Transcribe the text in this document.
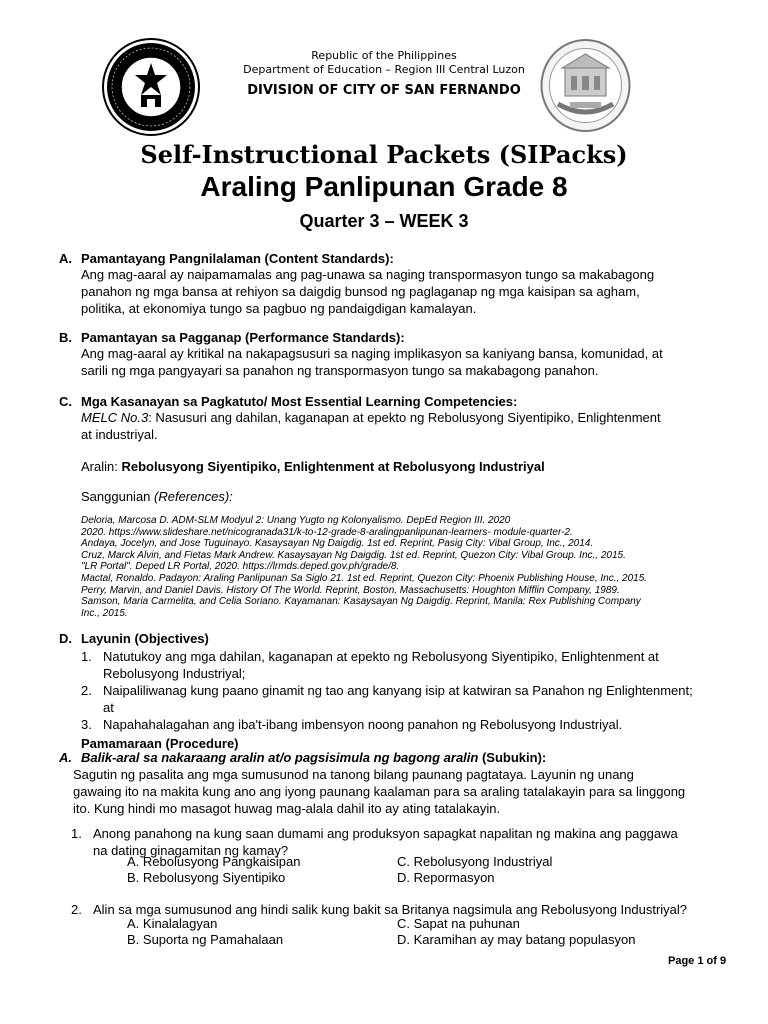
Republic of the Philippines
Department of Education – Region III Central Luzon
DIVISION OF CITY OF SAN FERNANDO
Self-Instructional Packets (SIPacks)
Araling Panlipunan Grade 8
Quarter 3 – WEEK 3
A. Pamantayang Pangnilalaman (Content Standards):
Ang mag-aaral ay naipamamalas ang pag-unawa sa naging transpormasyon tungo sa makabagong
panahon ng mga bansa at rehiyon sa daigdig bunsod ng paglaganap ng mga kaisipan sa agham,
politika, at ekonomiya tungo sa pagbuo ng pandaigdigan kamalayan.
B. Pamantayan sa Pagganap (Performance Standards):
Ang mag-aaral ay kritikal na nakapagsusuri sa naging implikasyon sa kaniyang bansa, komunidad, at
sarili ng mga pangyayari sa panahon ng transpormasyon tungo sa makabagong panahon.
C. Mga Kasanayan sa Pagkatuto/ Most Essential Learning Competencies:
MELC No.3: Nasusuri ang dahilan, kaganapan at epekto ng Rebolusyong Siyentipiko, Enlightenment
at industriyal.
Aralin: Rebolusyong Siyentipiko, Enlightenment at Rebolusyong Industriyal
Sanggunian (References):
Deloria, Marcosa D. ADM-SLM Modyul 2: Unang Yugto ng Kolonyalismo. DepEd Region III. 2020
2020. https://www.slideshare.net/nicogranada31/k-to-12-grade-8-aralingpanlipunan-learners- module-quarter-2.
Andaya, Jocelyn, and Jose Tuguinayo. Kasaysayan Ng Daigdig. 1st ed. Reprint, Pasig City: Vibal Group, Inc., 2014.
Cruz, Marck Alvin, and Fietas Mark Andrew. Kasaysayan Ng Daigdig. 1st ed. Reprint, Quezon City: Vibal Group. Inc., 2015.
"LR Portal". Deped LR Portal, 2020. https://lrmds.deped.gov.ph/grade/8.
Mactal, Ronaldo. Padayon: Araling Panlipunan Sa Siglo 21. 1st ed. Reprint, Quezon City: Phoenix Publishing House, Inc., 2015.
Perry, Marvin, and Daniel Davis. History Of The World. Reprint, Boston, Massachusetts: Houghton Mifflin Company, 1989.
Samson, Maria Carmelita, and Celia Soriano. Kayamanan: Kasaysayan Ng Daigdig. Reprint, Manila: Rex Publishing Company
Inc., 2015.
D. Layunin (Objectives)
1. Natutukoy ang mga dahilan, kaganapan at epekto ng Rebolusyong Siyentipiko, Enlightenment at
Rebolusyong Industriyal;
2. Naipaliliwanag kung paano ginamit ng tao ang kanyang isip at katwiran sa Panahon ng Enlightenment;
at
3. Napahahalagahan ang iba't-ibang imbensyon noong panahon ng Rebolusyong Industriyal.
Pamamaraan (Procedure)
A. Balik-aral sa nakaraang aralin at/o pagsisimula ng bagong aralin (Subukin):
Sagutin ng pasalita ang mga sumusunod na tanong bilang paunang pagtataya. Layunin ng unang
gawaing ito na makita kung ano ang iyong paunang kaalaman para sa araling tatalakayin para sa linggong
ito. Kung hindi mo masagot huwag mag-alala dahil ito ay ating tatalakayin.
1. Anong panahong na kung saan dumami ang produksyon sapagkat napalitan ng makina ang paggawa
na dating ginagamitan ng kamay?
A. Rebolusyong Pangkaisipan	C. Rebolusyong Industriyal
B. Rebolusyong Siyentipiko	D. Repormasyon
2. Alin sa mga sumusunod ang hindi salik kung bakit sa Britanya nagsimula ang Rebolusyong Industriyal?
A. Kinalalagyan	C. Sapat na puhunan
B. Suporta ng Pamahalaan	D. Karamihan ay may batang populasyon
Page 1 of 9
